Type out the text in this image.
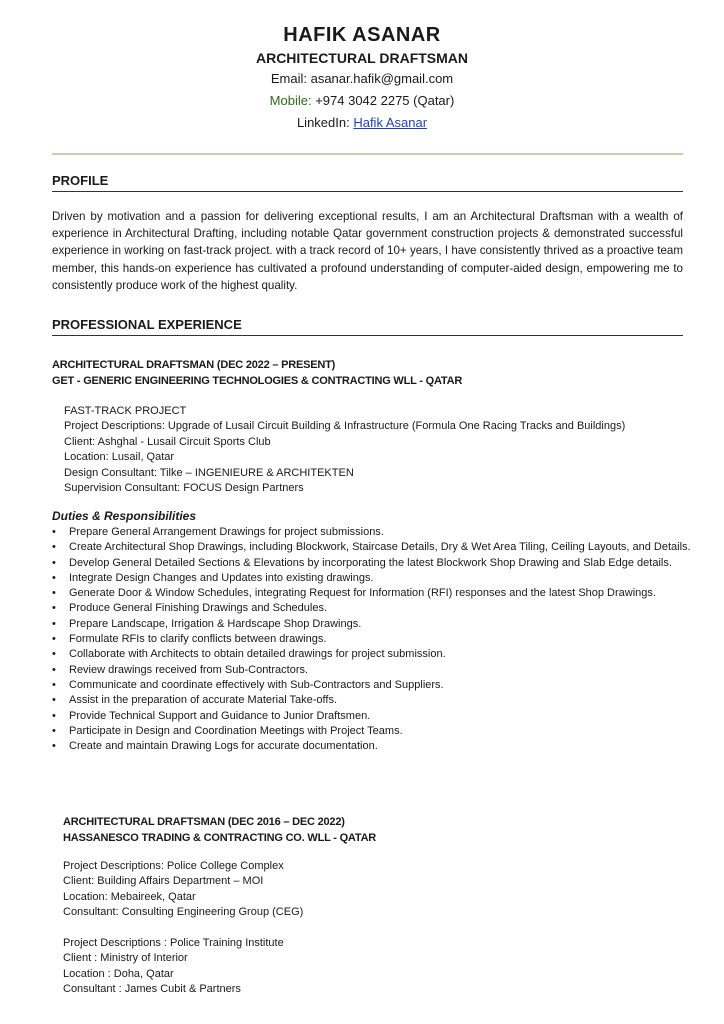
HAFIK ASANAR
ARCHITECTURAL DRAFTSMAN
Email: asanar.hafik@gmail.com
Mobile: +974 3042 2275 (Qatar)
LinkedIn: Hafik Asanar
PROFILE
Driven by motivation and a passion for delivering exceptional results, I am an Architectural Draftsman with a wealth of experience in Architectural Drafting, including notable Qatar government construction projects & demonstrated successful experience in working on fast-track project. with a track record of 10+ years, I have consistently thrived as a proactive team member, this hands-on experience has cultivated a profound understanding of computer-aided design, empowering me to consistently produce work of the highest quality.
PROFESSIONAL EXPERIENCE
ARCHITECTURAL DRAFTSMAN (DEC 2022 – PRESENT)
GET - GENERIC ENGINEERING TECHNOLOGIES & CONTRACTING WLL - QATAR
FAST-TRACK PROJECT
Project Descriptions: Upgrade of Lusail Circuit Building & Infrastructure (Formula One Racing Tracks and Buildings)
Client: Ashghal - Lusail Circuit Sports Club
Location: Lusail, Qatar
Design Consultant: Tilke – INGENIEURE & ARCHITEKTEN
Supervision Consultant: FOCUS Design Partners
Duties & Responsibilities
• Prepare General Arrangement Drawings for project submissions.
• Create Architectural Shop Drawings, including Blockwork, Staircase Details, Dry & Wet Area Tiling, Ceiling Layouts, and Details.
• Develop General Detailed Sections & Elevations by incorporating the latest Blockwork Shop Drawing and Slab Edge details.
• Integrate Design Changes and Updates into existing drawings.
• Generate Door & Window Schedules, integrating Request for Information (RFI) responses and the latest Shop Drawings.
• Produce General Finishing Drawings and Schedules.
• Prepare Landscape, Irrigation & Hardscape Shop Drawings.
• Formulate RFIs to clarify conflicts between drawings.
• Collaborate with Architects to obtain detailed drawings for project submission.
• Review drawings received from Sub-Contractors.
• Communicate and coordinate effectively with Sub-Contractors and Suppliers.
• Assist in the preparation of accurate Material Take-offs.
• Provide Technical Support and Guidance to Junior Draftsmen.
• Participate in Design and Coordination Meetings with Project Teams.
• Create and maintain Drawing Logs for accurate documentation.
ARCHITECTURAL DRAFTSMAN (DEC 2016 – DEC 2022)
HASSANESCO TRADING & CONTRACTING CO. WLL - QATAR
Project Descriptions: Police College Complex
Client: Building Affairs Department – MOI
Location: Mebaireek, Qatar
Consultant: Consulting Engineering Group (CEG)
Project Descriptions : Police Training Institute
Client : Ministry of Interior
Location : Doha, Qatar
Consultant : James Cubit & Partners
